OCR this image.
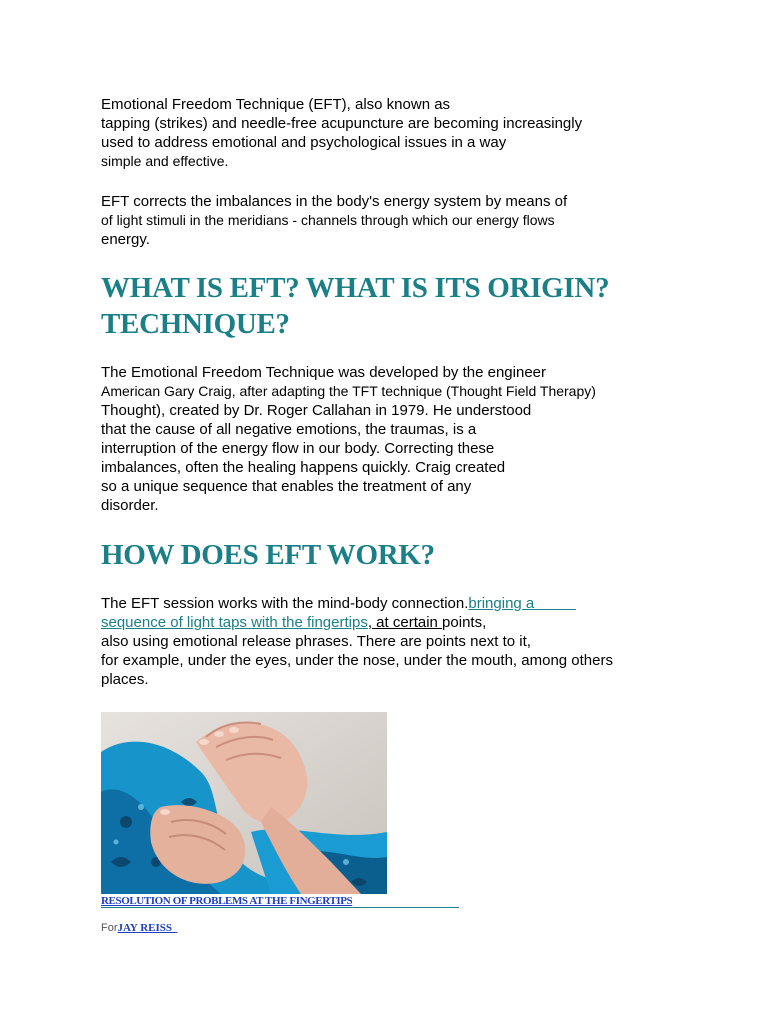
Emotional Freedom Technique (EFT), also known as
tapping (strikes) and needle-free acupuncture are becoming increasingly
used to address emotional and psychological issues in a way
simple and effective.
EFT corrects the imbalances in the body's energy system by means of
of light stimuli in the meridians - channels through which our energy flows
energy.
WHAT IS EFT? WHAT IS ITS ORIGIN?
TECHNIQUE?
The Emotional Freedom Technique was developed by the engineer
American Gary Craig, after adapting the TFT technique (Thought Field Therapy)
Thought), created by Dr. Roger Callahan in 1979. He understood
that the cause of all negative emotions, the traumas, is a
interruption of the energy flow in our body. Correcting these
imbalances, often the healing happens quickly. Craig created
so a unique sequence that enables the treatment of any
disorder.
HOW DOES EFT WORK?
The EFT session works with the mind-body connection.bringing a
sequence of light taps with the fingertips, at certain points,
also using emotional release phrases. There are points next to it,
for example, under the eyes, under the nose, under the mouth, among others
places.
RESOLUTION OF PROBLEMS AT THE FINGERTIPS
ForJAY REISS
